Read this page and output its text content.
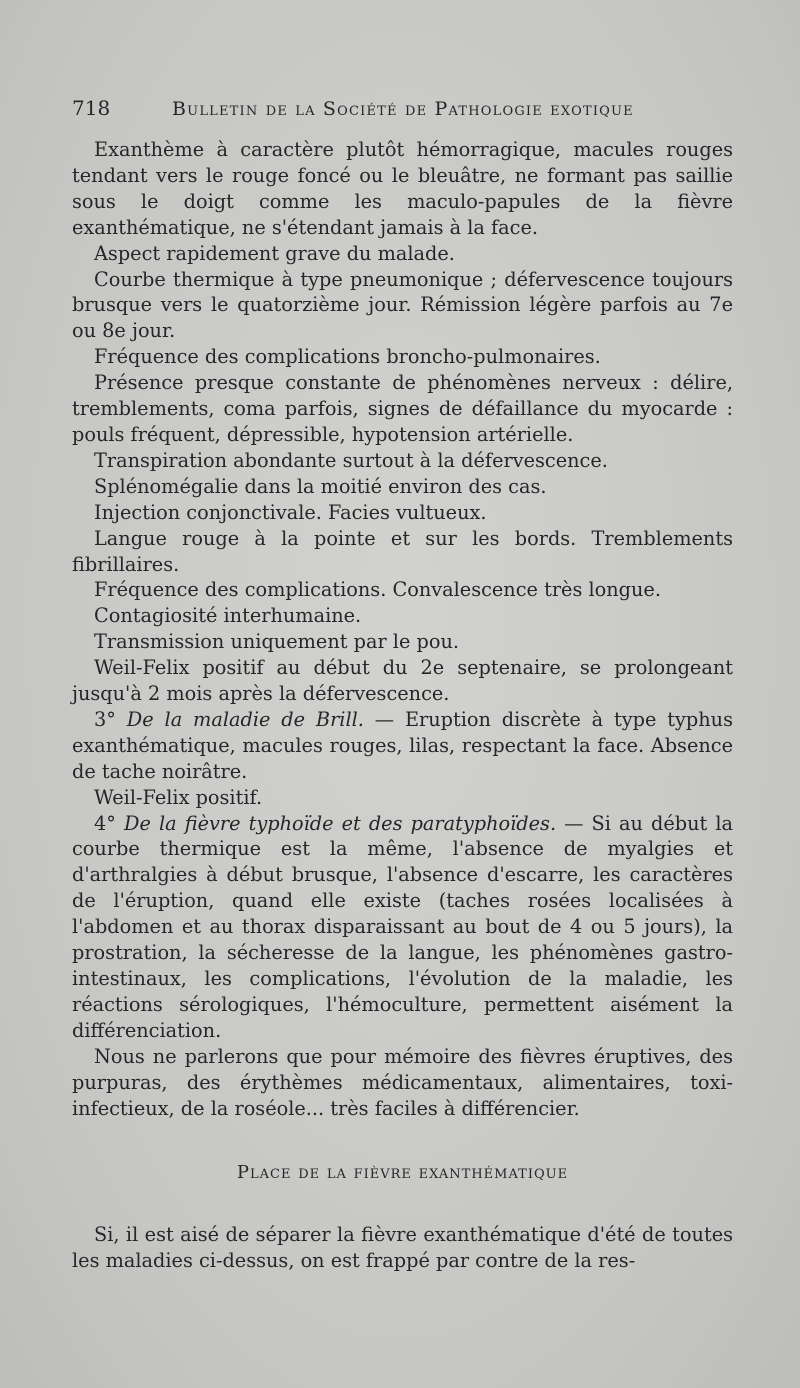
718	Bulletin de la Société de Pathologie exotique

Exanthème à caractère plutôt hémorragique, macules rouges tendant vers le rouge foncé ou le bleuâtre, ne formant pas saillie sous le doigt comme les maculo-papules de la fièvre exanthématique, ne s'étendant jamais à la face.

Aspect rapidement grave du malade.

Courbe thermique à type pneumonique ; défervescence toujours brusque vers le quatorzième jour. Rémission légère parfois au 7e ou 8e jour.

Fréquence des complications broncho-pulmonaires.

Présence presque constante de phénomènes nerveux : délire, tremblements, coma parfois, signes de défaillance du myocarde : pouls fréquent, dépressible, hypotension artérielle.

Transpiration abondante surtout à la défervescence.

Splénomégalie dans la moitié environ des cas.

Injection conjonctivale. Facies vultueux.

Langue rouge à la pointe et sur les bords. Tremblements fibrillaires.

Fréquence des complications. Convalescence très longue.

Contagiosité interhumaine.

Transmission uniquement par le pou.

Weil-Felix positif au début du 2e septenaire, se prolongeant jusqu'à 2 mois après la défervescence.

3° De la maladie de Brill. — Eruption discrète à type typhus exanthématique, macules rouges, lilas, respectant la face. Absence de tache noirâtre.

Weil-Felix positif.

4° De la fièvre typhoïde et des paratyphoïdes. — Si au début la courbe thermique est la même, l'absence de myalgies et d'arthralgies à début brusque, l'absence d'escarre, les caractères de l'éruption, quand elle existe (taches rosées localisées à l'abdomen et au thorax disparaissant au bout de 4 ou 5 jours), la prostration, la sécheresse de la langue, les phénomènes gastro-intestinaux, les complications, l'évolution de la maladie, les réactions sérologiques, l'hémoculture, permettent aisément la différenciation.

Nous ne parlerons que pour mémoire des fièvres éruptives, des purpuras, des érythèmes médicamentaux, alimentaires, toxi-infectieux, de la roséole... très faciles à différencier.

Place de la fièvre exanthématique

Si, il est aisé de séparer la fièvre exanthématique d'été de toutes les maladies ci-dessus, on est frappé par contre de la res-
